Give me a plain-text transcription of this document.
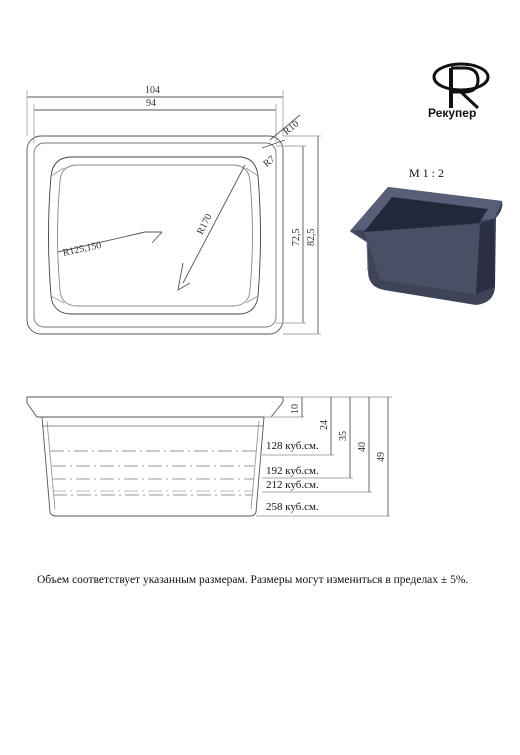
Рекупер
М 1 : 2
104
94
R10
R7
R170
R125,150
72,5 82,5
10
24
35
40
49
128 куб.см.
192 куб.см.
212 куб.см.
258 куб.см.
Объем соответствует указанным размерам. Размеры могут измениться в пределах ± 5%.
